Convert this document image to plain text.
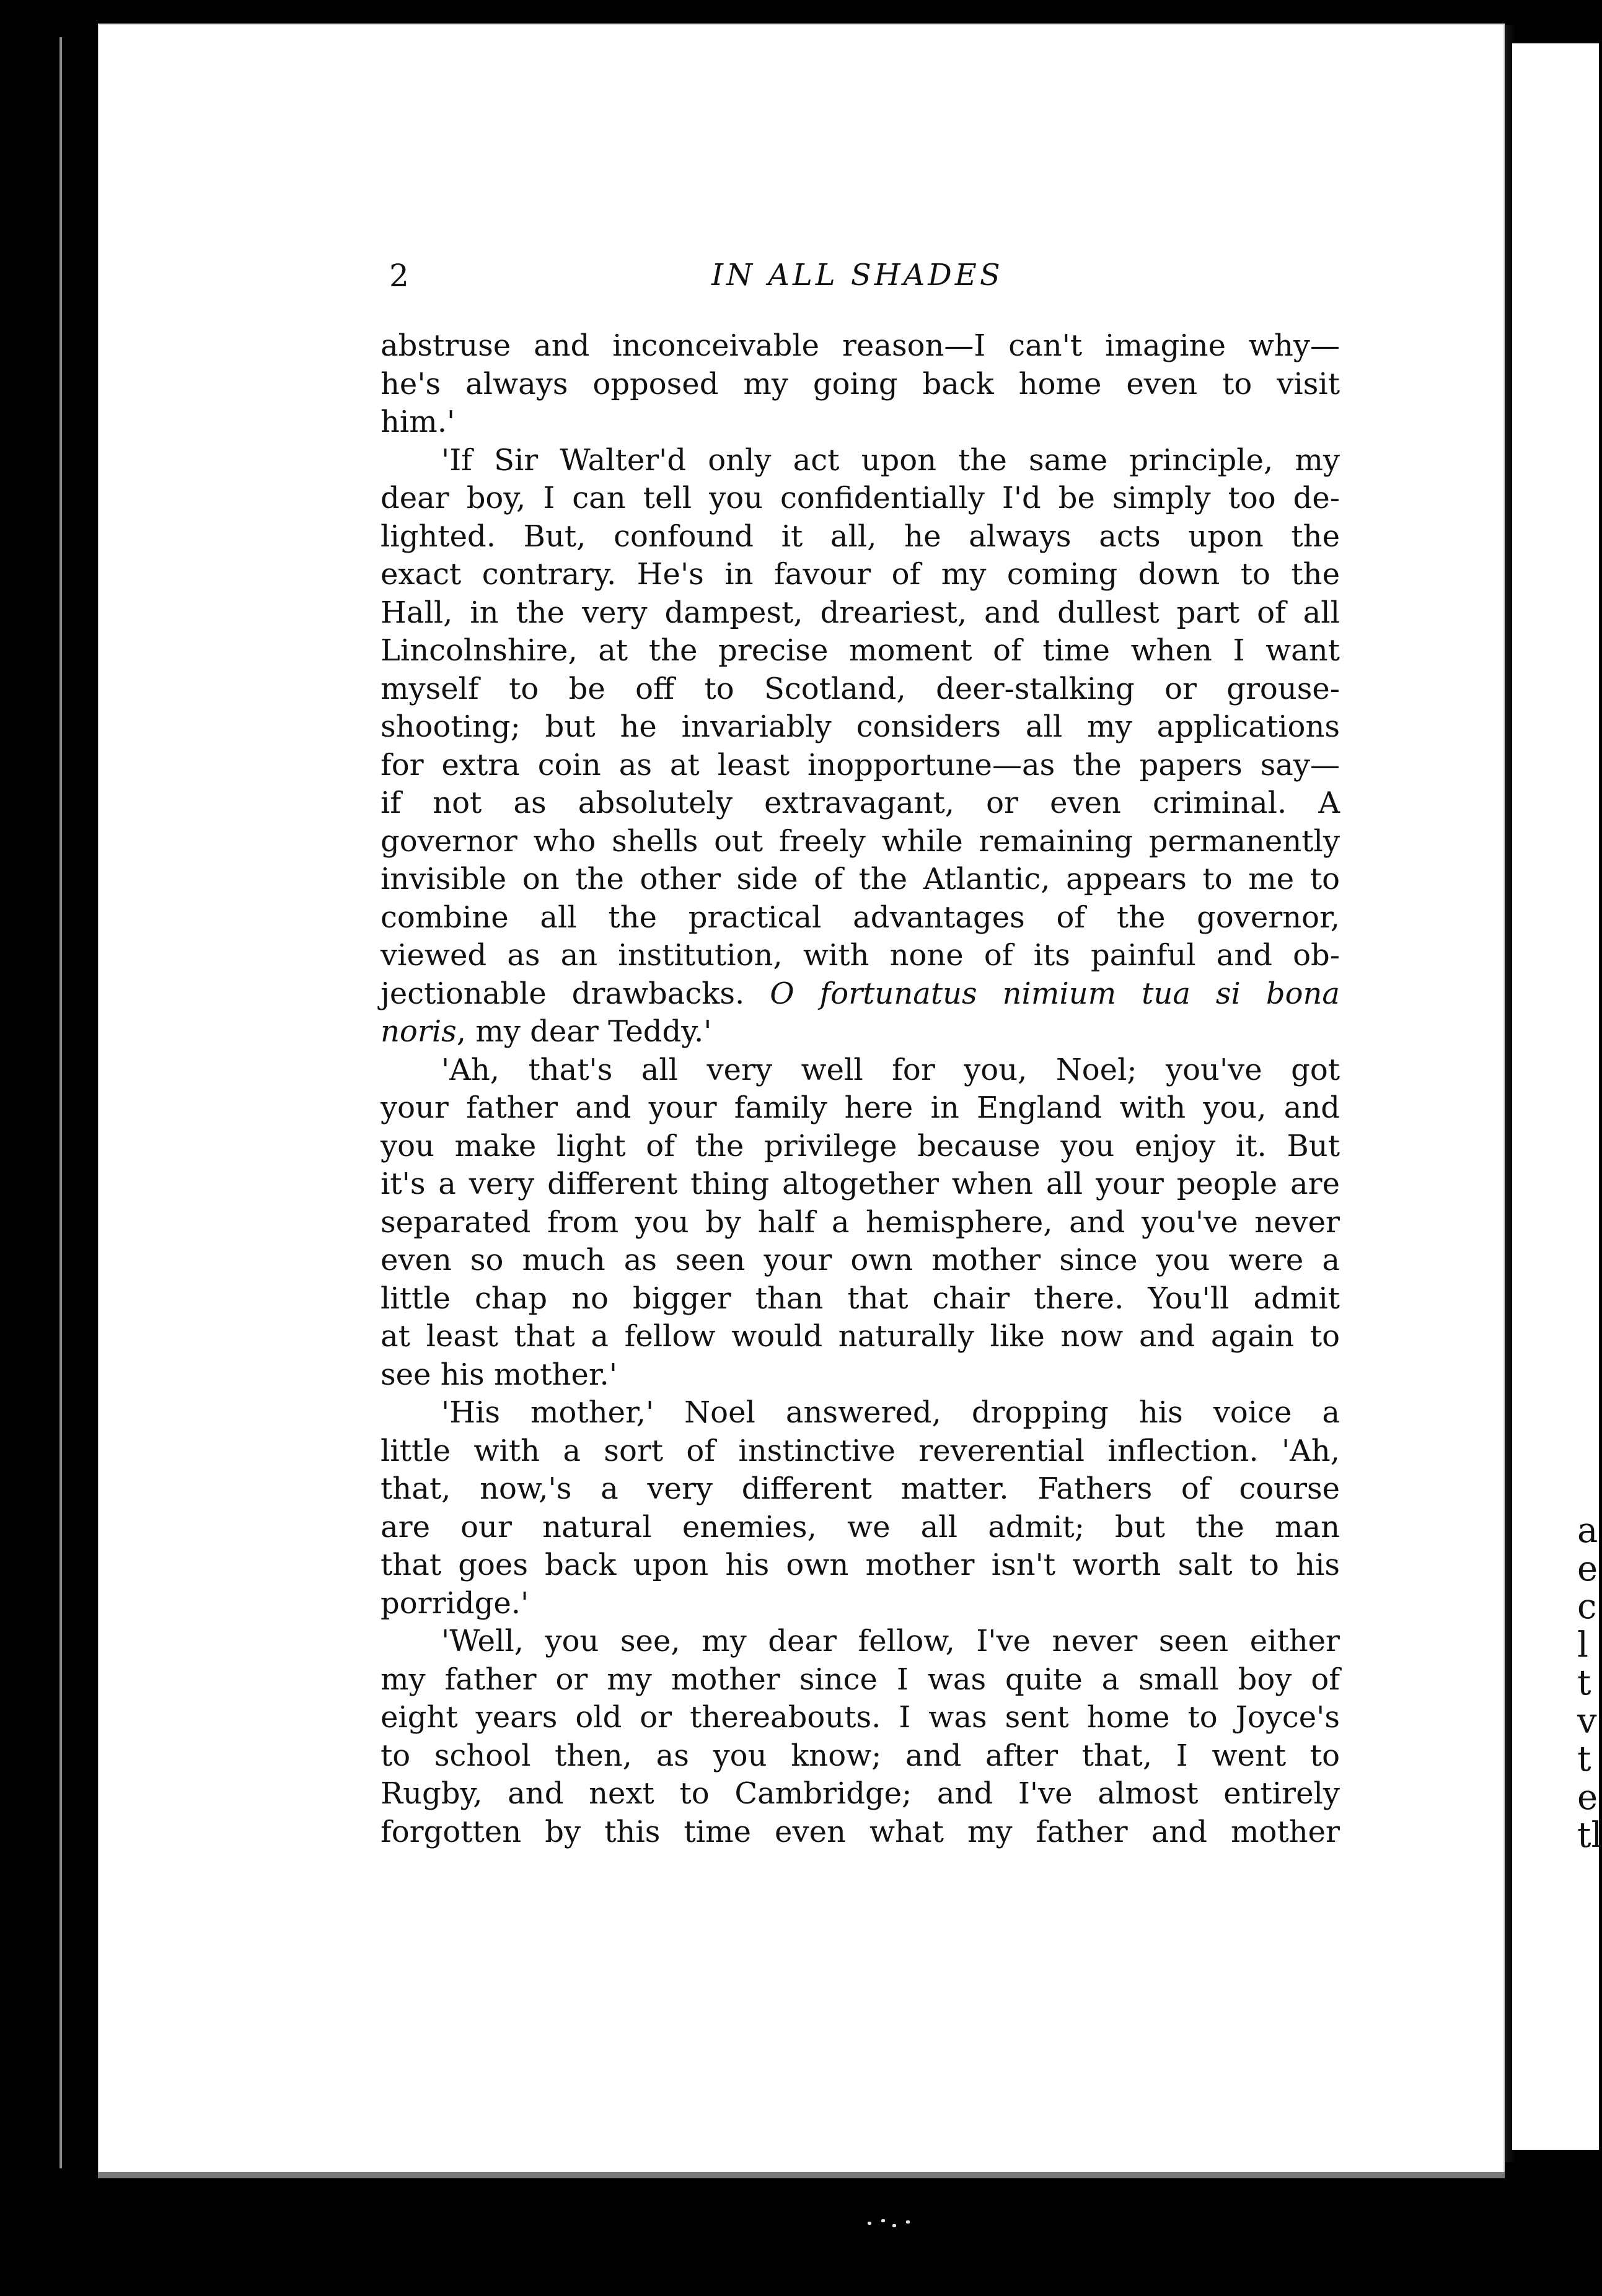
a
e
c
l
t
v
t
e
tl
2	IN ALL SHADES
abstruse and inconceivable reason—I can't imagine why—
he's always opposed my going back home even to visit
him.'
'If Sir Walter'd only act upon the same principle, my
dear boy, I can tell you confidentially I'd be simply too de-
lighted. But, confound it all, he always acts upon the
exact contrary. He's in favour of my coming down to the
Hall, in the very dampest, dreariest, and dullest part of all
Lincolnshire, at the precise moment of time when I want
myself to be off to Scotland, deer-stalking or grouse-
shooting; but he invariably considers all my applications
for extra coin as at least inopportune—as the papers say—
if not as absolutely extravagant, or even criminal. A
governor who shells out freely while remaining permanently
invisible on the other side of the Atlantic, appears to me to
combine all the practical advantages of the governor,
viewed as an institution, with none of its painful and ob-
jectionable drawbacks. O fortunatus nimium tua si bona
noris, my dear Teddy.'
'Ah, that's all very well for you, Noel; you've got
your father and your family here in England with you, and
you make light of the privilege because you enjoy it. But
it's a very different thing altogether when all your people are
separated from you by half a hemisphere, and you've never
even so much as seen your own mother since you were a
little chap no bigger than that chair there. You'll admit
at least that a fellow would naturally like now and again to
see his mother.'
'His mother,' Noel answered, dropping his voice a
little with a sort of instinctive reverential inflection. 'Ah,
that, now,'s a very different matter. Fathers of course
are our natural enemies, we all admit; but the man
that goes back upon his own mother isn't worth salt to his
porridge.'
'Well, you see, my dear fellow, I've never seen either
my father or my mother since I was quite a small boy of
eight years old or thereabouts. I was sent home to Joyce's
to school then, as you know; and after that, I went to
Rugby, and next to Cambridge; and I've almost entirely
forgotten by this time even what my father and mother
